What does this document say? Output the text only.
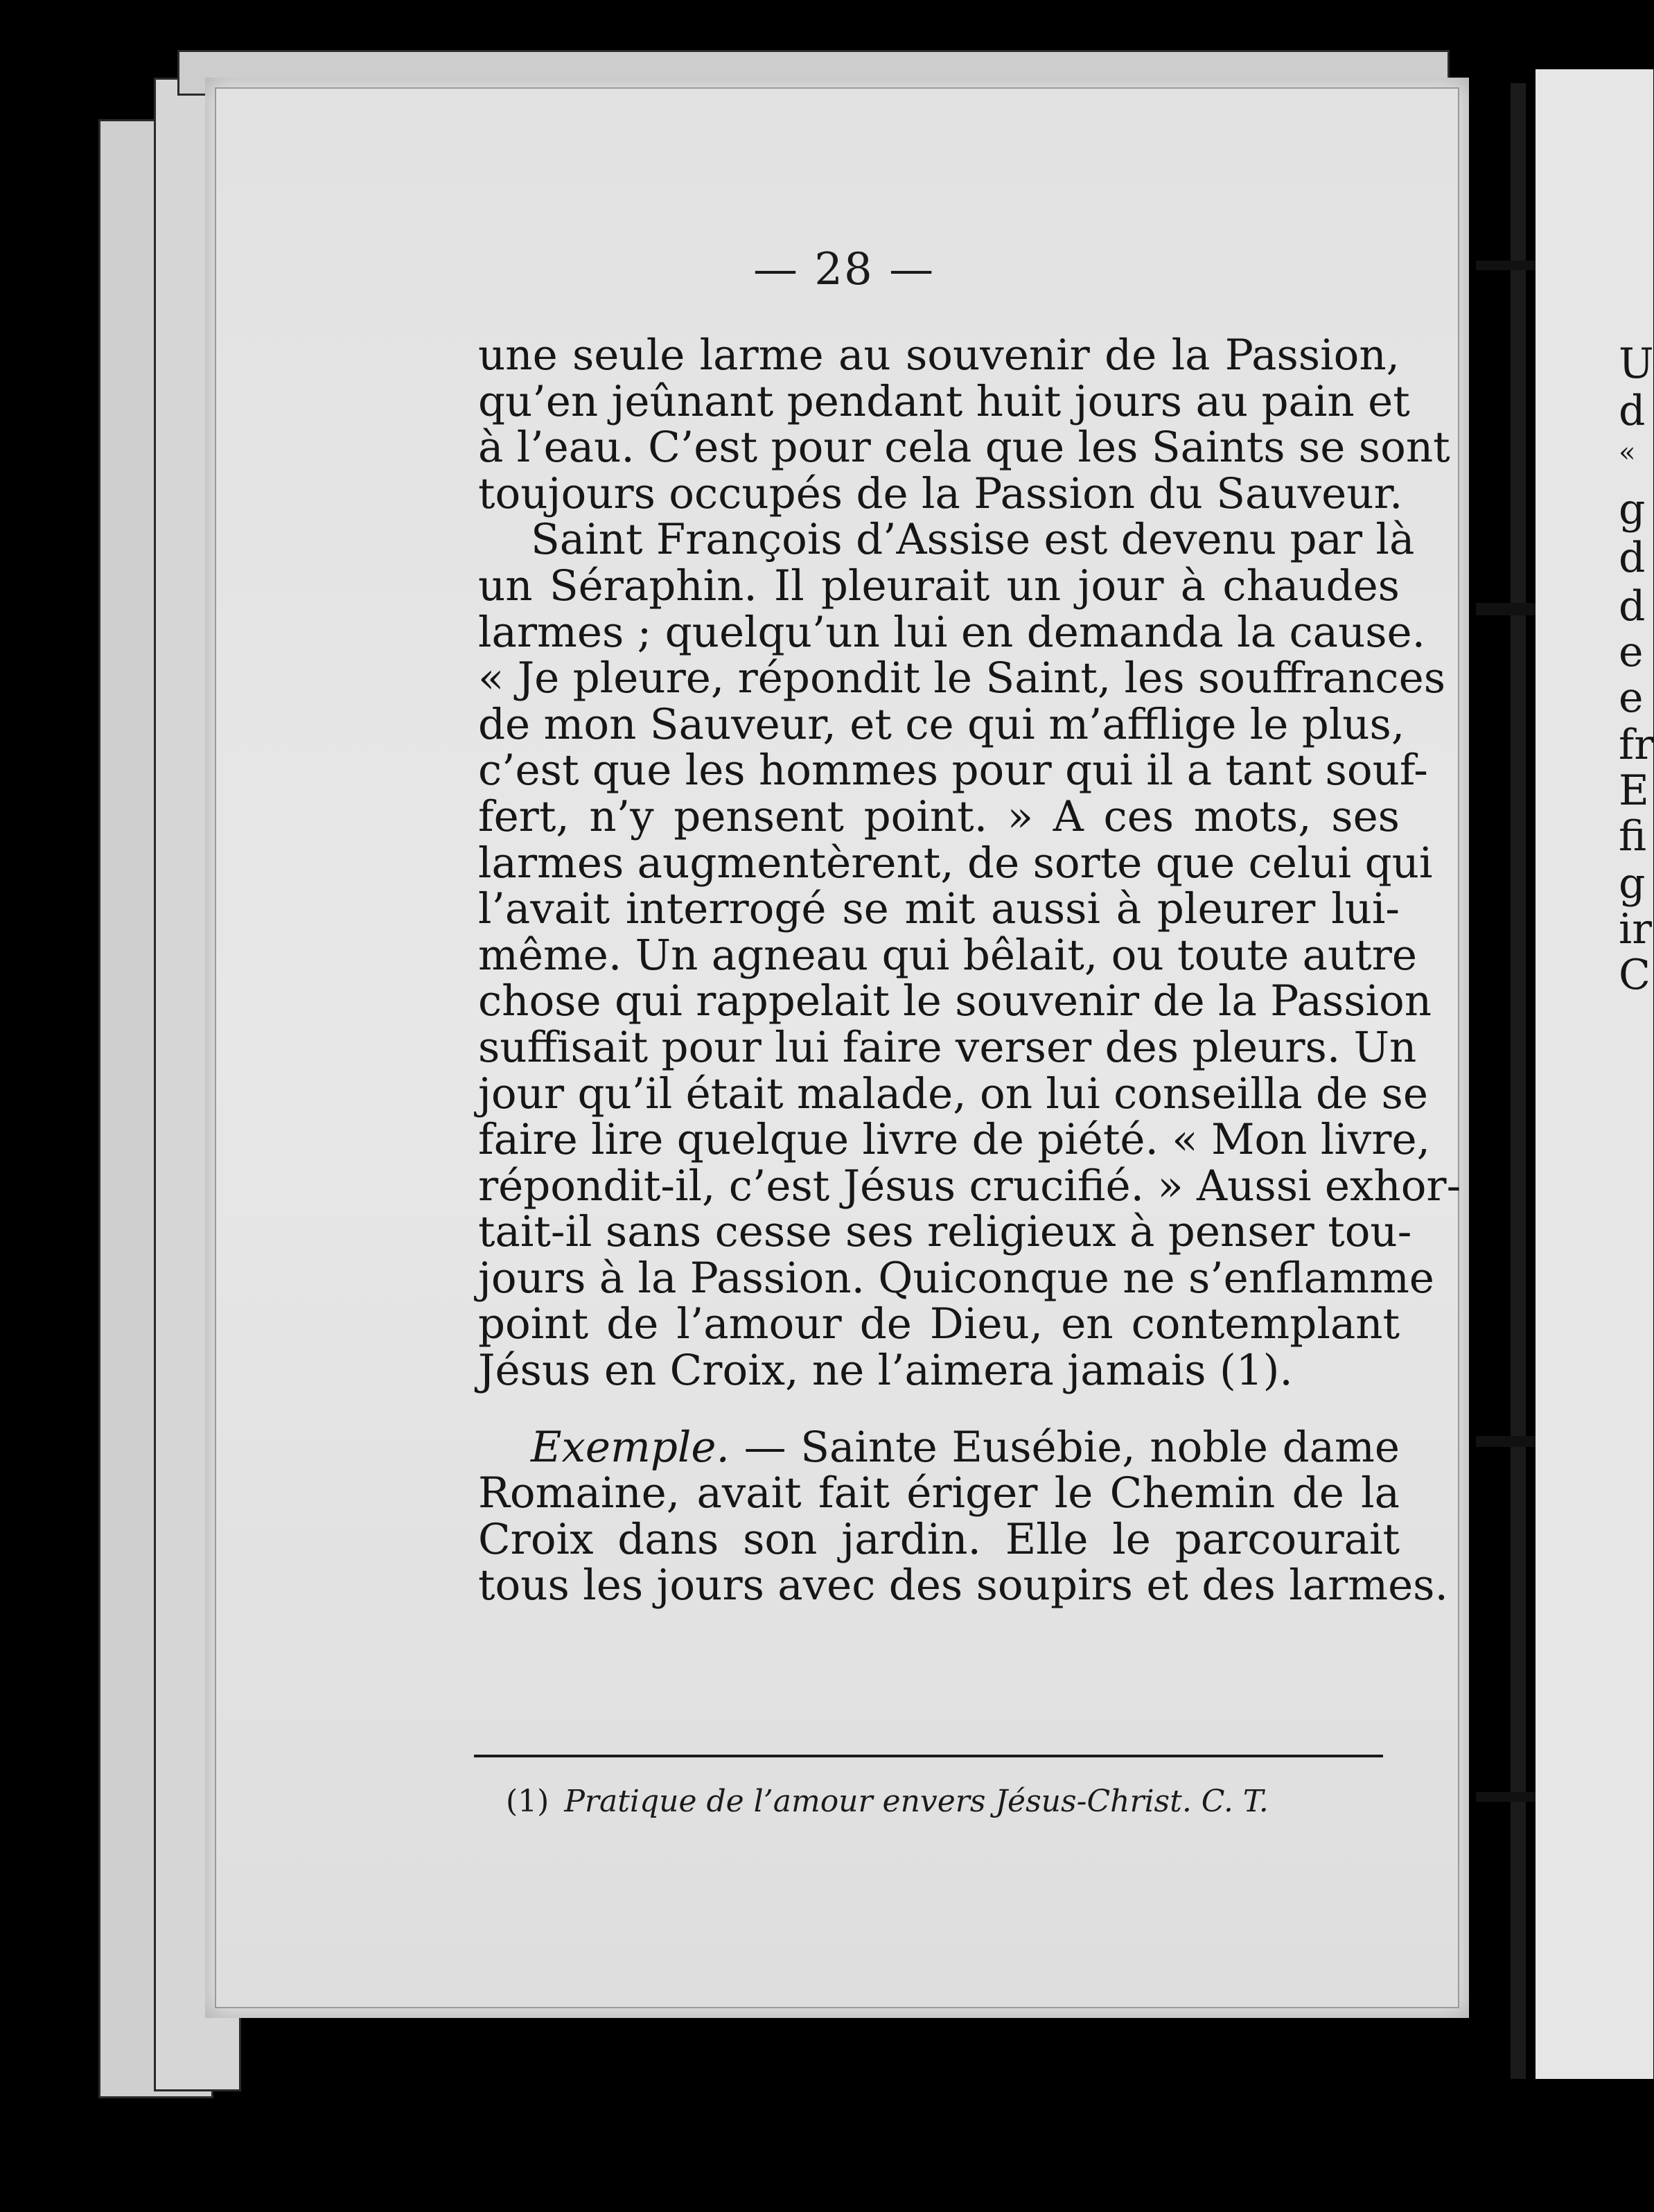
— 28 —
une seule larme au souvenir de la Passion,
qu’en jeûnant pendant huit jours au pain et
à l’eau. C’est pour cela que les Saints se sont
toujours occupés de la Passion du Sauveur.
Saint François d’Assise est devenu par là
un Séraphin. Il pleurait un jour à chaudes
larmes ; quelqu’un lui en demanda la cause.
« Je pleure, répondit le Saint, les souffrances
de mon Sauveur, et ce qui m’afflige le plus,
c’est que les hommes pour qui il a tant souf-
fert, n’y pensent point. » A ces mots, ses
larmes augmentèrent, de sorte que celui qui
l’avait interrogé se mit aussi à pleurer lui-
même. Un agneau qui bêlait, ou toute autre
chose qui rappelait le souvenir de la Passion
suffisait pour lui faire verser des pleurs. Un
jour qu’il était malade, on lui conseilla de se
faire lire quelque livre de piété. « Mon livre,
répondit-il, c’est Jésus crucifié. » Aussi exhor-
tait-il sans cesse ses religieux à penser tou-
jours à la Passion. Quiconque ne s’enflamme
point de l’amour de Dieu, en contemplant
Jésus en Croix, ne l’aimera jamais (1).
Exemple. — Sainte Eusébie, noble dame
Romaine, avait fait ériger le Chemin de la
Croix dans son jardin. Elle le parcourait
tous les jours avec des soupirs et des larmes.
(1) Pratique de l’amour envers Jésus-Christ. C. T.
U
d
«
g
d
d
e
e
fr
E
fi
g
ir
C
